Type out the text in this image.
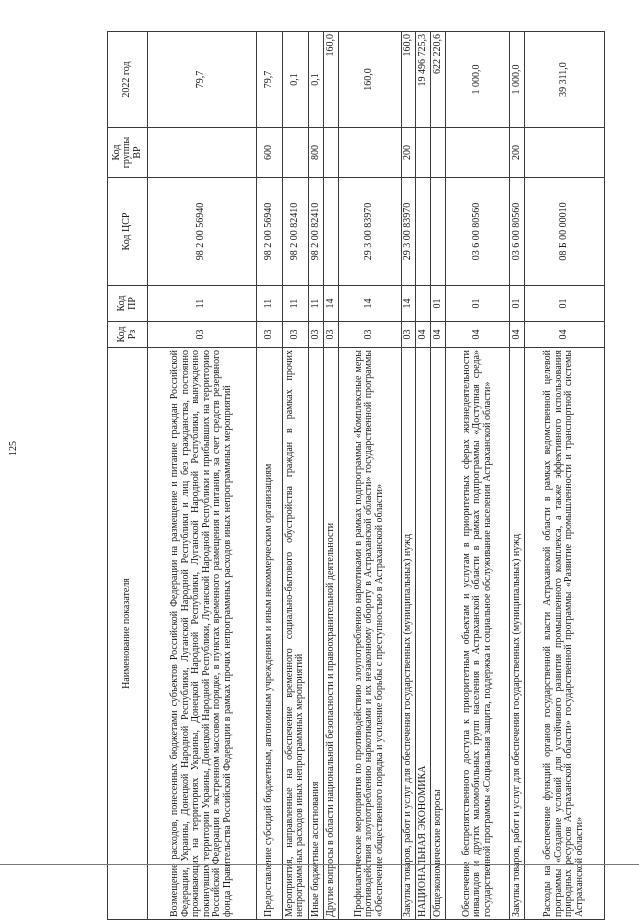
125
Наименование показателя	Код Рз	Код ПР	Код ЦСР	Код группы ВР	2022 год
Возмещение расходов, понесенных бюджетами субъектов Российской Федерации на размещение и питание граждан Российской Федерации, Украины, Донецкой Народной Республики, Луганской Народной Республики и лиц без гражданства, постоянно проживающих на территориях Украины, Донецкой Народной Республики, Луганской Народной Республики, вынужденно покинувших территории Украины, Донецкой Народной Республики, Луганской Народной Республики и прибывших на территорию Российской Федерации в экстренном массовом порядке, в пунктах временного размещения и питания, за счет средств резервного фонда Правительства Российской Федерации в рамках прочих непрограммных расходов иных непрограммных мероприятий	03	11	98 2 00 56940		79,7
Предоставление субсидий бюджетным, автономным учреждениям и иным некоммерческим организациям	03	11	98 2 00 56940	600	79,7
Мероприятия, направленные на обеспечение временного социально-бытового обустройства граждан в рамках прочих непрограммных расходов иных непрограммных мероприятий	03	11	98 2 00 82410		0,1
Иные бюджетные ассигнования	03	11	98 2 00 82410	800	0,1
Другие вопросы в области национальной безопасности и правоохранительной деятельности	03	14			160,0
Профилактические мероприятия по противодействию злоупотреблению наркотиками в рамках подпрограммы «Комплексные меры противодействия злоупотреблению наркотиками и их незаконному обороту в Астраханской области» государственной программы «Обеспечение общественного порядка и усиление борьбы с преступностью в Астраханской области»	03	14	29 3 00 83970		160,0
Закупка товаров, работ и услуг для обеспечения государственных (муниципальных) нужд	03	14	29 3 00 83970	200	160,0
НАЦИОНАЛЬНАЯ ЭКОНОМИКА	04				19 496 725,3
Общеэкономические вопросы	04	01			622 220,6
Обеспечение беспрепятственного доступа к приоритетным объектам и услугам в приоритетных сферах жизнедеятельности инвалидов и других маломобильных групп населения в Астраханской области в рамках подпрограммы «Доступная среда» государственной программы «Социальная защита, поддержка и социальное обслуживание населения Астраханской области»	04	01	03 6 00 80560		1 000,0
Закупка товаров, работ и услуг для обеспечения государственных (муниципальных) нужд	04	01	03 6 00 80560	200	1 000,0
Расходы на обеспечение функций органов государственной власти Астраханской области в рамках ведомственной целевой программы «Создание условий для устойчивого развития промышленного комплекса, а также эффективного использования природных ресурсов Астраханской области» государственной программы «Развитие промышленности и транспортной системы Астраханской области»	04	01	08 Б 00 00010		39 311,0
